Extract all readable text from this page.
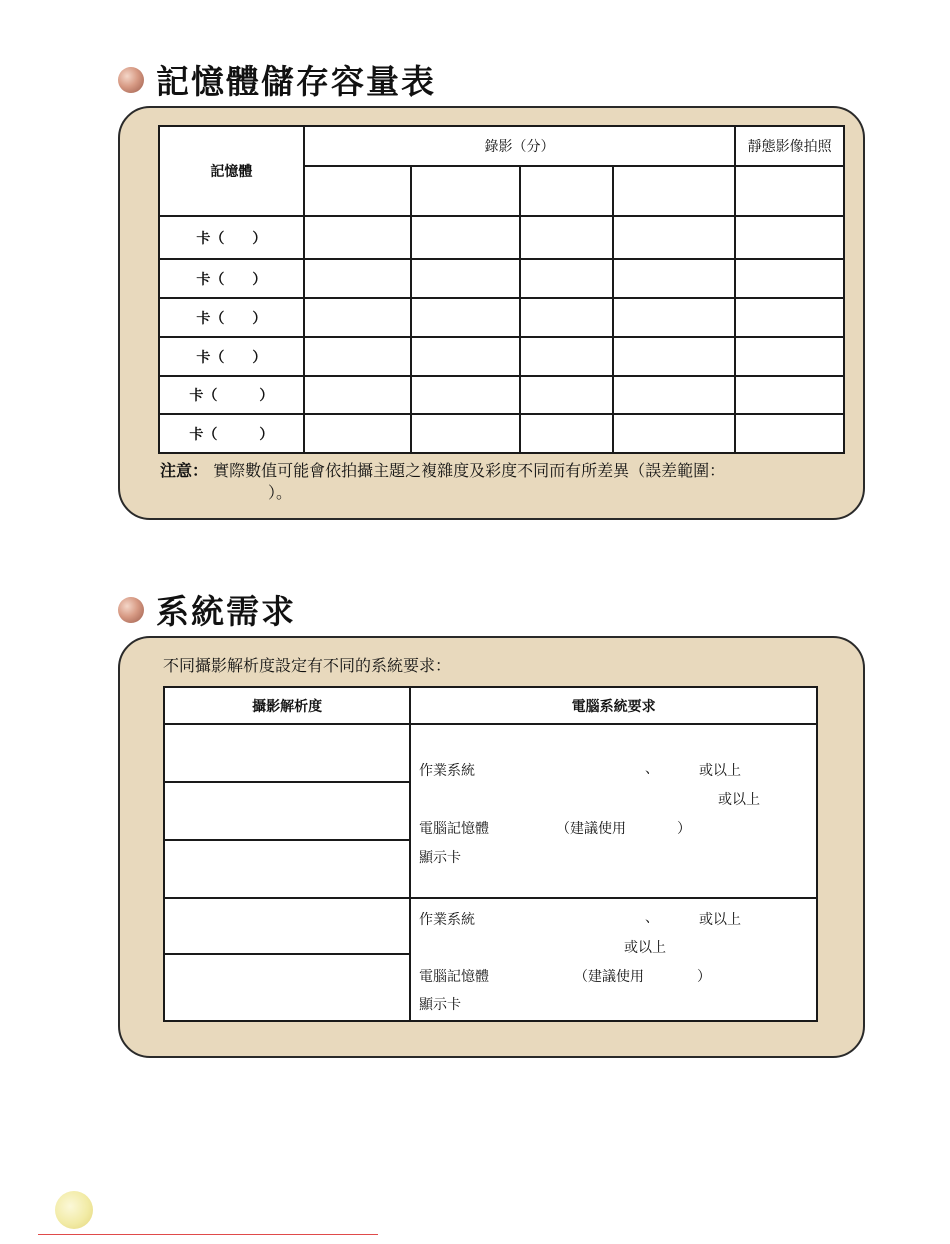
記憶體儲存容量表
記憶體	錄影（分）				靜態影像拍照

卡（　　）					
卡（　　）					
卡（　　）					
卡（　　）					
卡（　　　）					
卡（　　　）					
注意： 實際數值可能會依拍攝主題之複雜度及彩度不同而有所差異（誤差範圍：
）。
系統需求
不同攝影解析度設定有不同的系統要求：
攝影解析度	電腦系統要求

作業系統	、	或以上
或以上
電腦記憶體	（建議使用	）
顯示卡
作業系統	、	或以上
或以上
電腦記憶體	（建議使用	）
顯示卡
